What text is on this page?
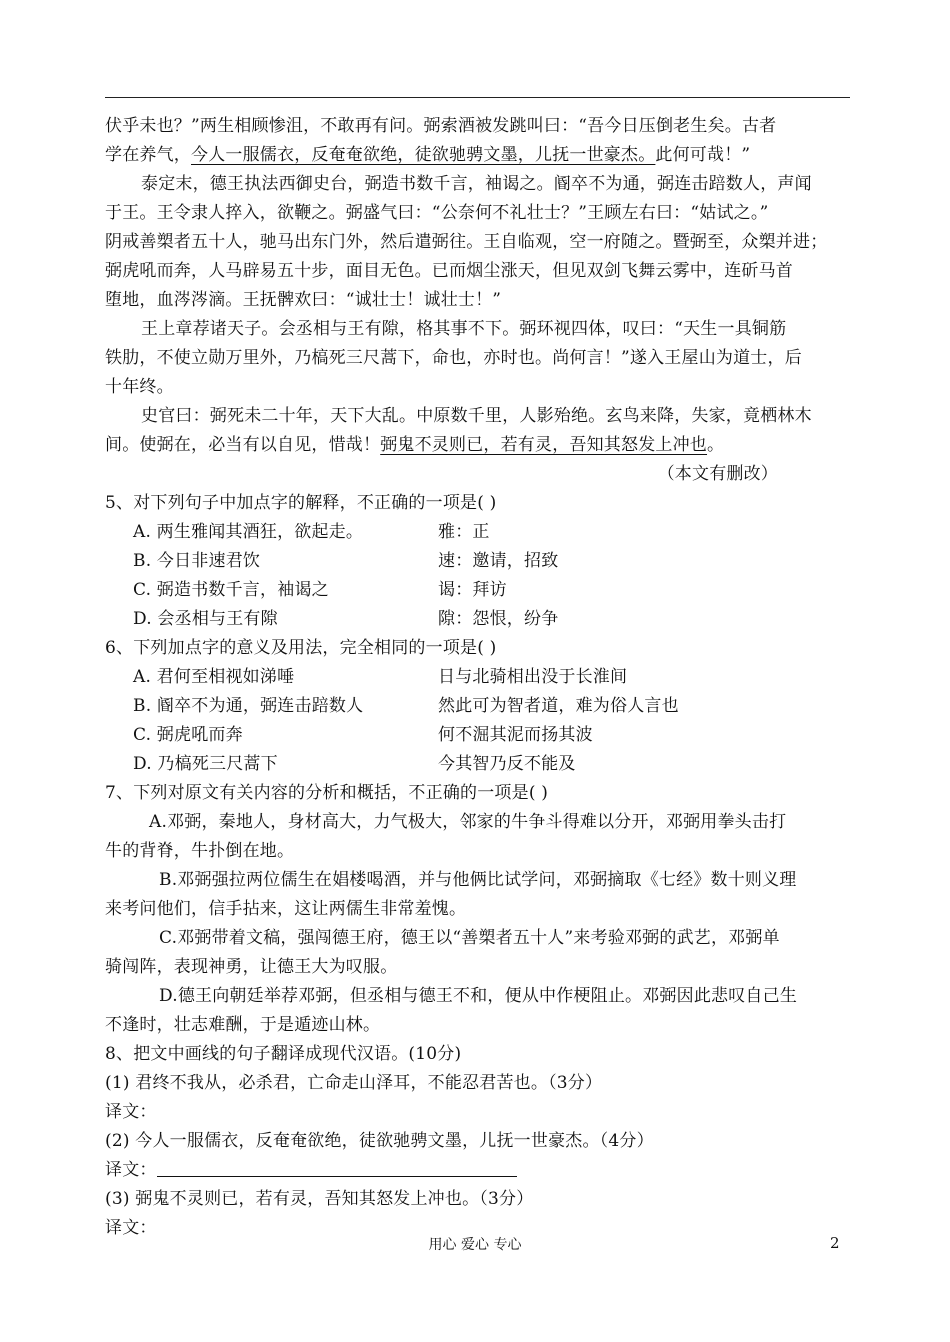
伏乎未也？”两生相顾惨沮，不敢再有问。弼索酒被发跳叫曰：“吾今日压倒老生矣。古者
学在养气，今人一服儒衣，反奄奄欲绝，徒欲驰骋文墨，儿抚一世豪杰。此何可哉！”
泰定末，德王执法西御史台，弼造书数千言，袖谒之。阍卒不为通，弼连击踣数人，声闻
于王。王令隶人捽入，欲鞭之。弼盛气曰：“公奈何不礼壮士？”王顾左右曰：“姑试之。”
阴戒善槊者五十人，驰马出东门外，然后遣弼往。王自临观，空一府随之。暨弼至，众槊并进；
弼虎吼而奔，人马辟易五十步，面目无色。已而烟尘涨天，但见双剑飞舞云雾中，连斫马首
堕地，血涔涔滴。王抚髀欢曰：“诚壮士！诚壮士！”
王上章荐诸天子。会丞相与王有隙，格其事不下。弼环视四体，叹曰：“天生一具铜筋
铁肋，不使立勋万里外，乃槁死三尺蒿下，命也，亦时也。尚何言！”遂入王屋山为道士，后
十年终。
史官曰：弼死未二十年，天下大乱。中原数千里，人影殆绝。玄鸟来降，失家，竟栖林木
间。使弼在，必当有以自见，惜哉！弼鬼不灵则已，若有灵，吾知其怒发上冲也。
（本文有删改）
5、对下列句子中加点字的解释，不正确的一项是( )
A. 两生雅闻其酒狂，欲起走。	雅：正
B. 今日非速君饮	速：邀请，招致
C. 弼造书数千言，袖谒之	谒：拜访
D. 会丞相与王有隙	隙：怨恨，纷争
6、下列加点字的意义及用法，完全相同的一项是( )
A. 君何至相视如涕唾	日与北骑相出没于长淮间
B. 阍卒不为通，弼连击踣数人	然此可为智者道，难为俗人言也
C. 弼虎吼而奔	何不淈其泥而扬其波
D. 乃槁死三尺蒿下	今其智乃反不能及
7、下列对原文有关内容的分析和概括，不正确的一项是( )
A.邓弼，秦地人，身材高大，力气极大，邻家的牛争斗得难以分开，邓弼用拳头击打
牛的背脊，牛扑倒在地。
B.邓弼强拉两位儒生在娼楼喝酒，并与他俩比试学问，邓弼摘取《七经》数十则义理
来考问他们，信手拈来，这让两儒生非常羞愧。
C.邓弼带着文稿，强闯德王府，德王以“善槊者五十人”来考验邓弼的武艺，邓弼单
骑闯阵，表现神勇，让德王大为叹服。
D.德王向朝廷举荐邓弼，但丞相与德王不和，便从中作梗阻止。邓弼因此悲叹自己生
不逢时，壮志难酬，于是遁迹山林。
8、把文中画线的句子翻译成现代汉语。(10分)
(1) 君终不我从，必杀君，亡命走山泽耳，不能忍君苦也。（3分）
译文：
(2) 今人一服儒衣，反奄奄欲绝，徒欲驰骋文墨，儿抚一世豪杰。（4分）
译文：
(3) 弼鬼不灵则已，若有灵，吾知其怒发上冲也。（3分）
译文：
用心 爱心 专心	2
